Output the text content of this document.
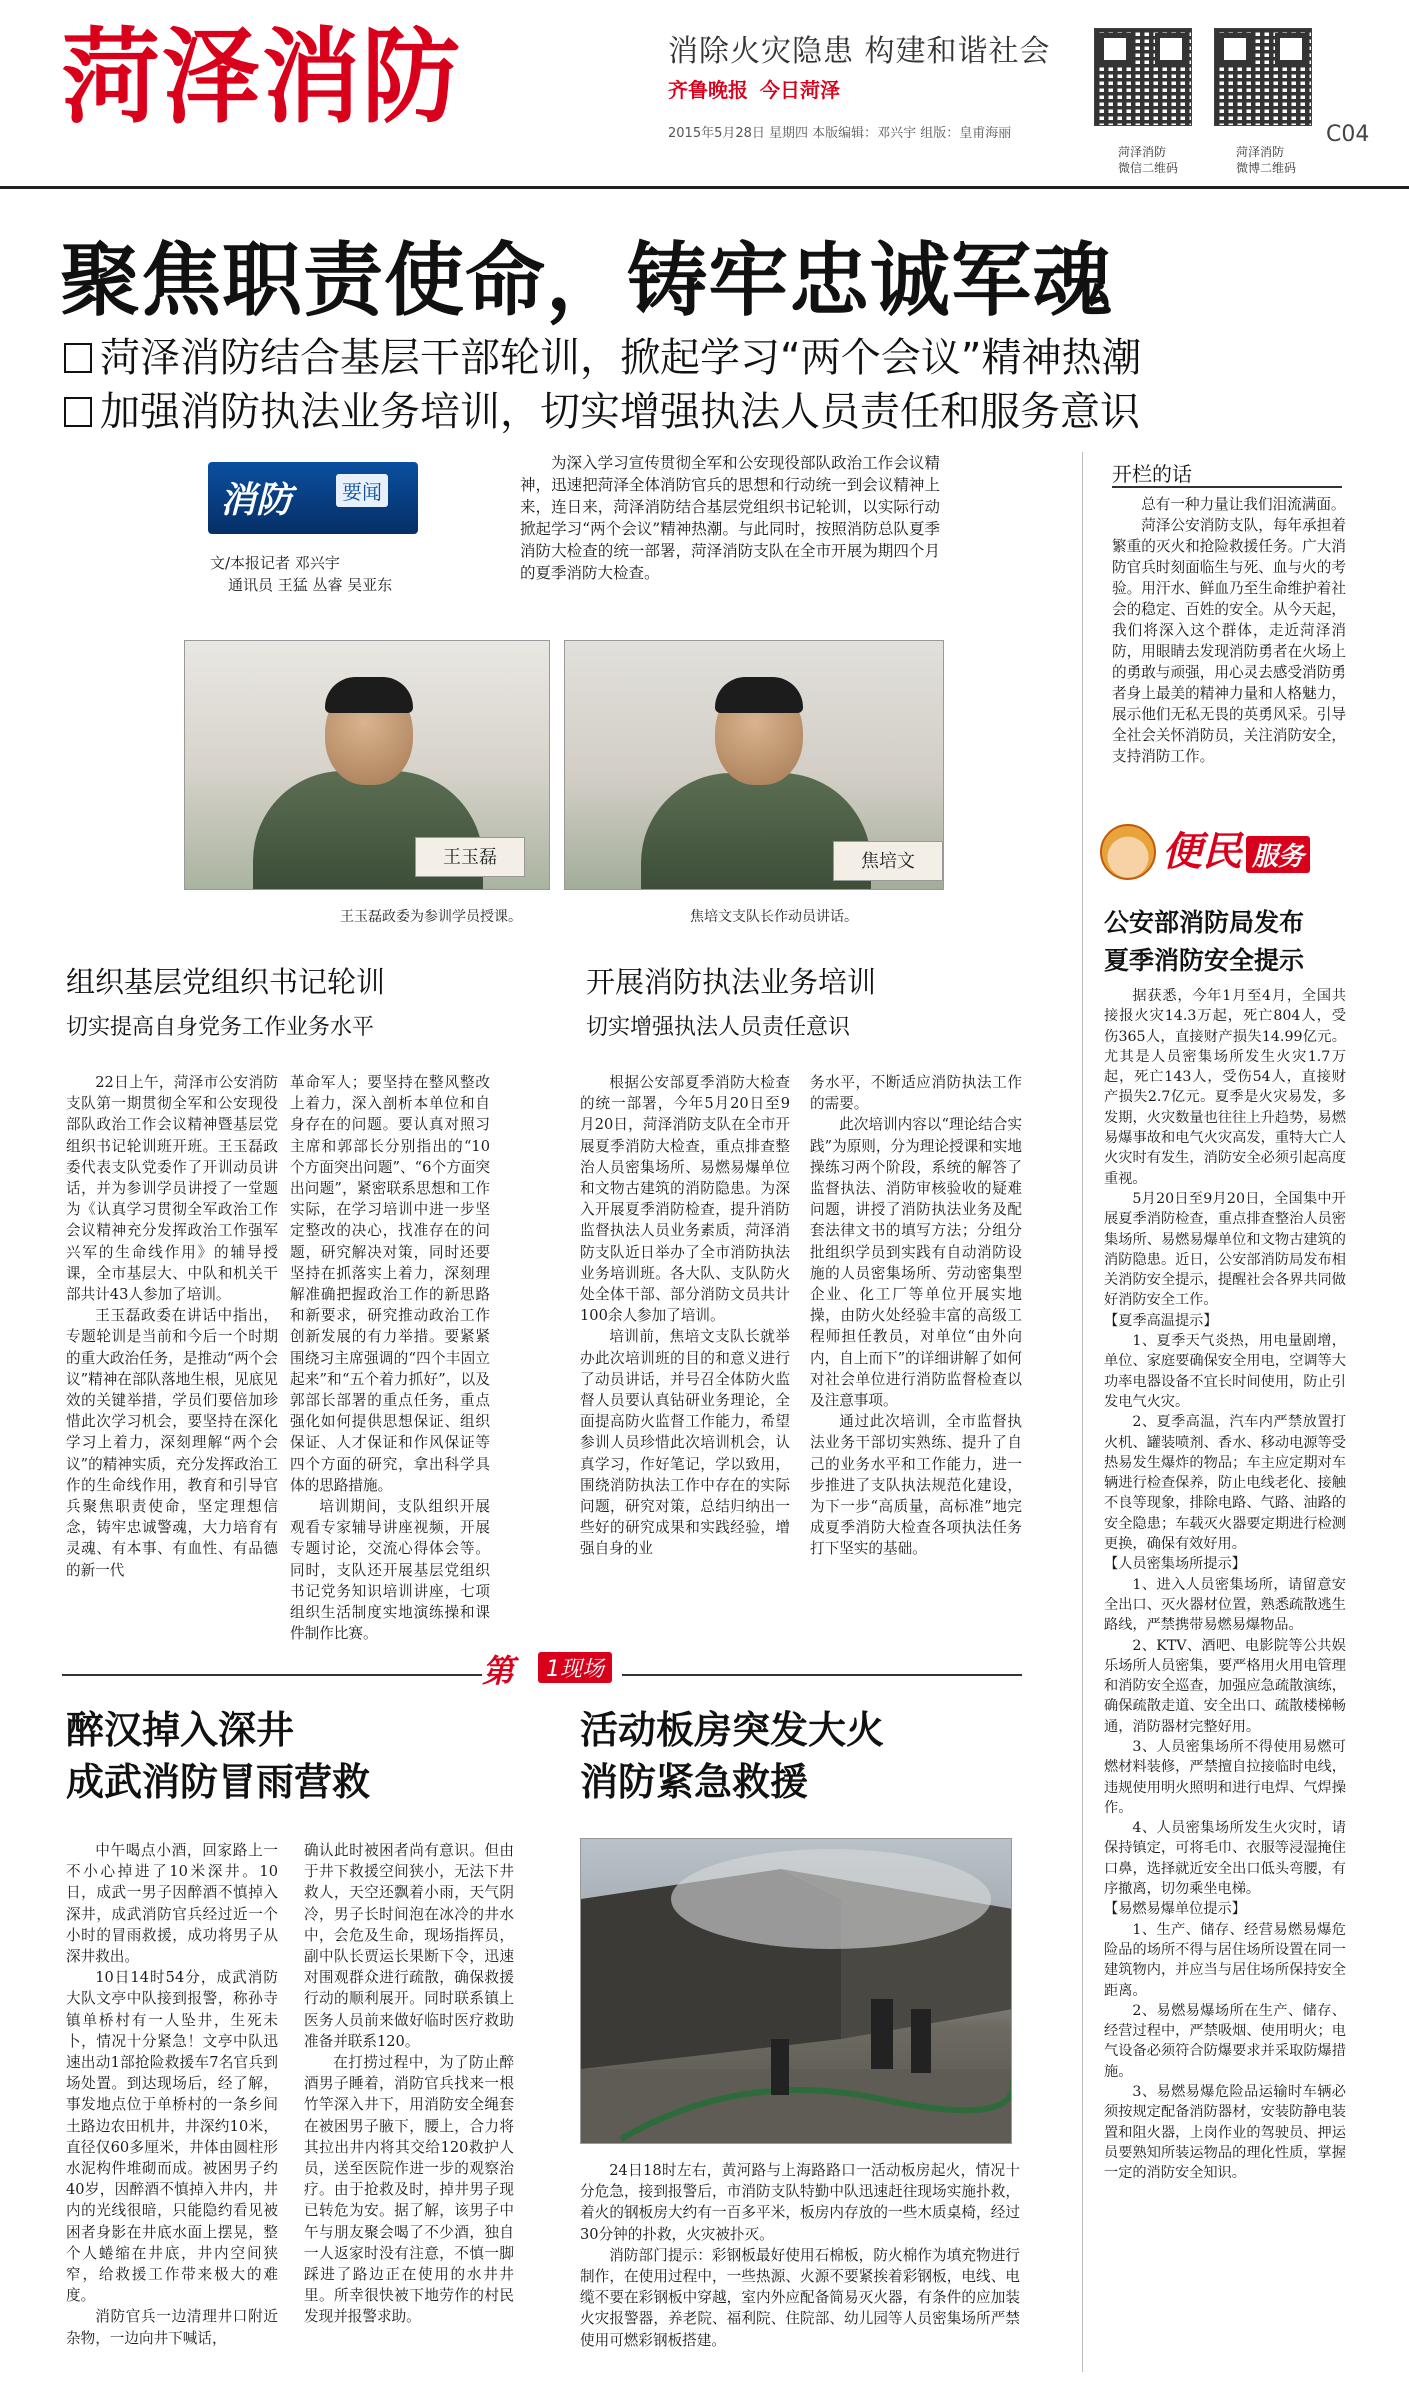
菏泽消防	消除火灾隐患 构建和谐社会
齐鲁晚报 今日菏泽
2015年5月28日 星期四 本版编辑：邓兴宇 组版：皇甫海丽
菏泽消防
微信二维码
菏泽消防
微博二维码
C04
聚焦职责使命，铸牢忠诚军魂
菏泽消防结合基层干部轮训，掀起学习“两个会议”精神热潮
加强消防执法业务培训，切实增强执法人员责任和服务意识
消防	要闻
文/本报记者 邓兴宇
通讯员 王猛 丛睿 吴亚东
为深入学习宣传贯彻全军和公安现役部队政治工作会议精神，迅速把菏泽全体消防官兵的思想和行动统一到会议精神上来，连日来，菏泽消防结合基层党组织书记轮训，以实际行动掀起学习“两个会议”精神热潮。与此同时，按照消防总队夏季消防大检查的统一部署，菏泽消防支队在全市开展为期四个月的夏季消防大检查。
王玉磊	焦培文
王玉磊政委为参训学员授课。	焦培文支队长作动员讲话。
组织基层党组织书记轮训
切实提高自身党务工作业务水平

22日上午，菏泽市公安消防支队第一期贯彻全军和公安现役部队政治工作会议精神暨基层党组织书记轮训班开班。王玉磊政委代表支队党委作了开训动员讲话，并为参训学员讲授了一堂题为《认真学习贯彻全军政治工作会议精神充分发挥政治工作强军兴军的生命线作用》的辅导授课，全市基层大、中队和机关干部共计43人参加了培训。

王玉磊政委在讲话中指出，专题轮训是当前和今后一个时期的重大政治任务，是推动“两个会议”精神在部队落地生根，见底见效的关键举措，学员们要倍加珍惜此次学习机会，要坚持在深化学习上着力，深刻理解“两个会议”的精神实质，充分发挥政治工作的生命线作用，教育和引导官兵聚焦职责使命，坚定理想信念，铸牢忠诚警魂，大力培育有灵魂、有本事、有血性、有品德的新一代

革命军人；要坚持在整风整改上着力，深入剖析本单位和自身存在的问题。要认真对照习主席和郭部长分别指出的“10个方面突出问题”、“6个方面突出问题”，紧密联系思想和工作实际，在学习培训中进一步坚定整改的决心，找准存在的问题，研究解决对策，同时还要坚持在抓落实上着力，深刻理解准确把握政治工作的新思路和新要求，研究推动政治工作创新发展的有力举措。要紧紧围绕习主席强调的“四个丰固立起来”和“五个着力抓好”，以及郭部长部署的重点任务，重点强化如何提供思想保证、组织保证、人才保证和作风保证等四个方面的研究，拿出科学具体的思路措施。

培训期间，支队组织开展观看专家辅导讲座视频，开展专题讨论，交流心得体会等。同时，支队还开展基层党组织书记党务知识培训讲座，七项组织生活制度实地演练操和课件制作比赛。

开展消防执法业务培训
切实增强执法人员责任意识

根据公安部夏季消防大检查的统一部署，今年5月20日至9月20日，菏泽消防支队在全市开展夏季消防大检查，重点排查整治人员密集场所、易燃易爆单位和文物古建筑的消防隐患。为深入开展夏季消防检查，提升消防监督执法人员业务素质，菏泽消防支队近日举办了全市消防执法业务培训班。各大队、支队防火处全体干部、部分消防文员共计100余人参加了培训。

培训前，焦培文支队长就举办此次培训班的目的和意义进行了动员讲话，并号召全体防火监督人员要认真钻研业务理论，全面提高防火监督工作能力，希望参训人员珍惜此次培训机会，认真学习，作好笔记，学以致用，围绕消防执法工作中存在的实际问题，研究对策，总结归纳出一些好的研究成果和实践经验，增强自身的业

务水平，不断适应消防执法工作的需要。

此次培训内容以“理论结合实践”为原则，分为理论授课和实地操练习两个阶段，系统的解答了监督执法、消防审核验收的疑难问题，讲授了消防执法业务及配套法律文书的填写方法；分组分批组织学员到实践有自动消防设施的人员密集场所、劳动密集型企业、化工厂等单位开展实地操，由防火处经验丰富的高级工程师担任教员，对单位“由外向内，自上而下”的详细讲解了如何对社会单位进行消防监督检查以及注意事项。

通过此次培训，全市监督执法业务干部切实熟练、提升了自己的业务水平和工作能力，进一步推进了支队执法规范化建设，为下一步“高质量，高标准”地完成夏季消防大检查各项执法任务打下坚实的基础。

第	1现场
醉汉掉入深井
成武消防冒雨营救

中午喝点小酒，回家路上一不小心掉进了10米深井。10日，成武一男子因醉酒不慎掉入深井，成武消防官兵经过近一个小时的冒雨救援，成功将男子从深井救出。

10日14时54分，成武消防大队文亭中队接到报警，称孙寺镇单桥村有一人坠井，生死未卜，情况十分紧急！文亭中队迅速出动1部抢险救援车7名官兵到场处置。到达现场后，经了解，事发地点位于单桥村的一条乡间土路边农田机井，井深约10米，直径仅60多厘米，井体由圆柱形水泥构件堆砌而成。被困男子约40岁，因醉酒不慎掉入井内，井内的光线很暗，只能隐约看见被困者身影在井底水面上摆晃，整个人蜷缩在井底，井内空间狭窄，给救援工作带来极大的难度。

消防官兵一边清理井口附近杂物，一边向井下喊话，

确认此时被困者尚有意识。但由于井下救援空间狭小，无法下井救人，天空还飘着小雨，天气阴冷，男子长时间泡在冰冷的井水中，会危及生命，现场指挥员，副中队长贾运长果断下令，迅速对围观群众进行疏散，确保救援行动的顺利展开。同时联系镇上医务人员前来做好临时医疗救助准备并联系120。

在打捞过程中，为了防止醉酒男子睡着，消防官兵找来一根竹竿深入井下，用消防安全绳套在被困男子腋下，腰上，合力将其拉出井内将其交给120救护人员，送至医院作进一步的观察治疗。由于抢救及时，掉井男子现已转危为安。据了解，该男子中午与朋友聚会喝了不少酒，独自一人返家时没有注意，不慎一脚踩进了路边正在使用的水井井里。所幸很快被下地劳作的村民发现并报警求助。

活动板房突发大火
消防紧急救援

24日18时左右，黄河路与上海路路口一活动板房起火，情况十分危急，接到报警后，市消防支队特勤中队迅速赶往现场实施扑救，着火的钢板房大约有一百多平米，板房内存放的一些木质桌椅，经过30分钟的扑救，火灾被扑灭。

消防部门提示：彩钢板最好使用石棉板，防火棉作为填充物进行制作，在使用过程中，一些热源、火源不要紧挨着彩钢板，电线、电缆不要在彩钢板中穿越，室内外应配备简易灭火器，有条件的应加装火灾报警器，养老院、福利院、住院部、幼儿园等人员密集场所严禁使用可燃彩钢板搭建。

开栏的话

总有一种力量让我们泪流满面。

菏泽公安消防支队，每年承担着繁重的灭火和抢险救援任务。广大消防官兵时刻面临生与死、血与火的考验。用汗水、鲜血乃至生命维护着社会的稳定、百姓的安全。从今天起，我们将深入这个群体，走近菏泽消防，用眼睛去发现消防勇者在火场上的勇敢与顽强，用心灵去感受消防勇者身上最美的精神力量和人格魅力，展示他们无私无畏的英勇风采。引导全社会关怀消防员，关注消防安全，支持消防工作。

便民 服务
公安部消防局发布
夏季消防安全提示

据获悉，今年1月至4月，全国共接报火灾14.3万起，死亡804人，受伤365人，直接财产损失14.99亿元。尤其是人员密集场所发生火灾1.7万起，死亡143人，受伤54人，直接财产损失2.7亿元。夏季是火灾易发，多发期，火灾数量也往往上升趋势，易燃易爆事故和电气火灾高发，重特大亡人火灾时有发生，消防安全必须引起高度重视。

5月20日至9月20日，全国集中开展夏季消防检查，重点排查整治人员密集场所、易燃易爆单位和文物古建筑的消防隐患。近日，公安部消防局发布相关消防安全提示，提醒社会各界共同做好消防安全工作。

【夏季高温提示】

1、夏季天气炎热，用电量剧增，单位、家庭要确保安全用电，空调等大功率电器设备不宜长时间使用，防止引发电气火灾。

2、夏季高温，汽车内严禁放置打火机、罐装喷剂、香水、移动电源等受热易发生爆炸的物品；车主应定期对车辆进行检查保养，防止电线老化、接触不良等现象，排除电路、气路、油路的安全隐患；车载灭火器要定期进行检测更换，确保有效好用。

【人员密集场所提示】

1、进入人员密集场所，请留意安全出口、灭火器材位置，熟悉疏散逃生路线，严禁携带易燃易爆物品。

2、KTV、酒吧、电影院等公共娱乐场所人员密集，要严格用火用电管理和消防安全巡查，加强应急疏散演练，确保疏散走道、安全出口、疏散楼梯畅通，消防器材完整好用。

3、人员密集场所不得使用易燃可燃材料装修，严禁擅自拉接临时电线，违规使用明火照明和进行电焊、气焊操作。

4、人员密集场所发生火灾时，请保持镇定，可将毛巾、衣服等浸湿掩住口鼻，选择就近安全出口低头弯腰，有序撤离，切勿乘坐电梯。

【易燃易爆单位提示】

1、生产、储存、经营易燃易爆危险品的场所不得与居住场所设置在同一建筑物内，并应当与居住场所保持安全距离。

2、易燃易爆场所在生产、储存、经营过程中，严禁吸烟、使用明火；电气设备必须符合防爆要求并采取防爆措施。

3、易燃易爆危险品运输时车辆必须按规定配备消防器材，安装防静电装置和阻火器，上岗作业的驾驶员、押运员要熟知所装运物品的理化性质，掌握一定的消防安全知识。
